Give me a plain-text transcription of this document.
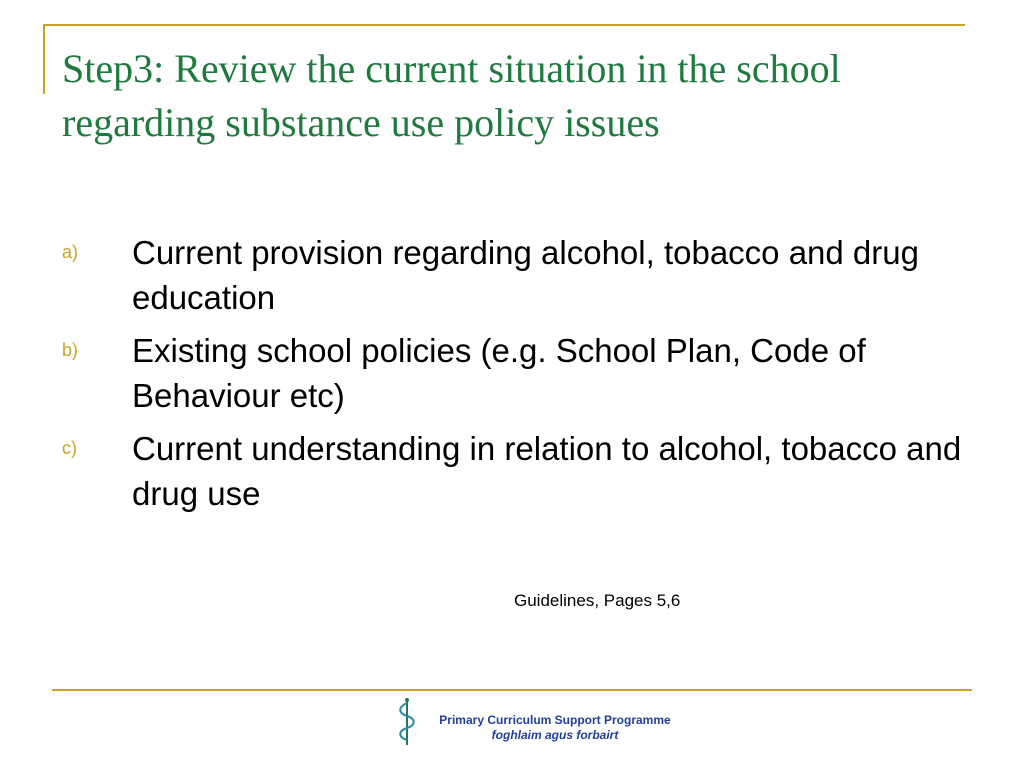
Step3: Review the current situation in the school regarding substance use policy issues
a) Current provision regarding alcohol, tobacco and drug education
b) Existing school policies (e.g. School Plan, Code of Behaviour etc)
c) Current understanding in relation to alcohol, tobacco and drug use
Guidelines, Pages 5,6
Primary Curriculum Support Programme
foghlaim agus forbairt
